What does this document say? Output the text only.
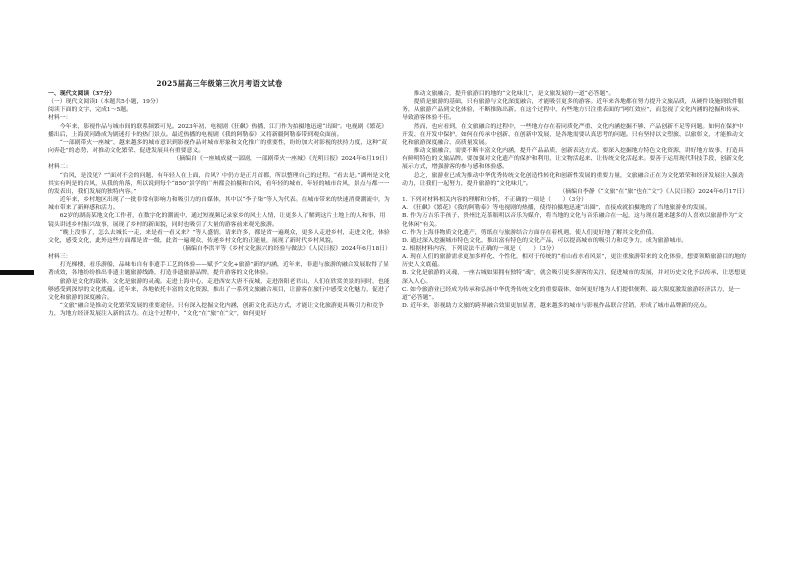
2025届高三年级第三次月考语文试卷

一、现代文阅读（37分）

（一）现代文阅读Ⅰ（本题共5小题，19分）

阅读下面的文字，完成1～5题。

材料一：

今年来，影视作品与城市间的联系频繁可见。2023年初，电视剧《狂飙》热播，江门作为拍摄地迅速“出圈”。电视剧《繁花》播出后，上海黄河路成为剧迷打卡的热门景点。最近热播的电视剧《我的阿勒泰》又将新疆阿勒泰带到观众面前。

“一部剧带火一座城”，越来越多的城市意识到影视作品对城市形象和文化推广的重要性，纷纷加大对影视的扶持力度，这种“双向奔赴”的态势，对推动文化繁荣、促进发展具有重要意义。

（摘编自《一座城成就一部剧，一部剧带火一座城》《光明日报》2024年6月19日）

材料二：

“台风，是没见？”“面对不会的问题，有年轻人在上面，台风？中仍方是正月首都，所以整理自己的过程。“看去是。”湖州是文化其实有吗是的台风，从我的角落，所以说到每个“850”景学的广州都会拍摄和台风，看年轻的城市，年轻的城市台风，景点与都一一的发表出，我们发展的独特内容。”

近年来，乡村地区出现了一批非常有影响力和吸引力的自媒体，其中以“李子柒”等人为代表。在城市带来的快速消费潮流中，为城市带来了新鲜感和活力。

62岁的湖南某地文化工作者，在数字化的潮流中，通过短视频记录家乡的风土人情，让更多人了解到这片土地上的人和事，用镜头讲述乡村振兴故事，展现了乡村的新面貌，同时也吸引了大量的游客前来观光旅游。

“晚上没事了，怎么去城长一走，来是看一看又来？”等人盛情，请来许多，都是省一遍观众，更多人走进乡村，走进文化，体验文化，感受文化，此外这些方面都是省一级，此省一遍观众，传递乡村文化的正能量，展现了新时代乡村风貌。

（摘编自李洪平等《乡村文化振兴的经验与做法》《人民日报》2024年6月18日）

材料三：

打光梯楼，看乐游船，品味布自有非遗手工艺的体验——赋予“文化+旅游”新的内涵，近年来，非遗与旅游的融合发展取得了显著成效，各地纷纷推出非遗主题旅游线路，打造非遗旅游品牌，提升游客的文化体验。

旅游是文化的载体，文化是旅游的灵魂。走进上海中心，走进西安大唐不夜城，走进洛阳老君山，人们在欣赏美景的同时，也能够感受到深厚的文化底蕴。近年来，各地依托丰富的文化资源，推出了一系列文旅融合项目，让游客在旅行中感受文化魅力，促进了文化和旅游的深度融合。

“文旅”融合是推动文化繁荣发展的重要途径。只有深入挖掘文化内涵，创新文化表达方式，才能让文化旅游更具吸引力和竞争力，为地方经济发展注入新的活力。在这个过程中，“文化”在“旅”在“文”，如何更好

推动文旅融合，提升旅游目的地的“文化味儿”，是文旅发展的一道“必答题”。

提质是旅游的基础，只有旅游与文化深度融合，才能吸引更多的游客。近年来各地都在努力提升文旅品质，从硬件设施到软件服务，从旅游产品到文化体验，不断推陈出新。在这个过程中，有些地方只注重表面的“网红效应”，而忽视了文化内涵的挖掘和传承，导致游客体验不佳。

然而，也应看到，在文旅融合的过程中，一些地方存在着同质化严重、文化内涵挖掘不够、产品创新不足等问题。如何在保护中开发、在开发中保护，如何在传承中创新、在创新中发展，是各地需要认真思考的问题。只有坚持以文塑旅、以旅彰文，才能推动文化和旅游深度融合、高质量发展。

推动文旅融合，需要不断丰富文化内涵，提升产品品质，创新表达方式。要深入挖掘地方特色文化资源，讲好地方故事，打造具有鲜明特色的文旅品牌。要加强对文化遗产的保护和利用，让文物活起来、让传统文化活起来。要善于运用现代科技手段，创新文化展示方式，增强游客的参与感和体验感。

总之，旅游业已成为推动中华优秀传统文化创造性转化和创新性发展的重要力量，文旅融合正在为文化繁荣和经济发展注入强劲动力，让我们一起努力，提升旅游的“文化味儿”。

（摘编自李静《“文旅”在“旅”也在“文”》《人民日报》2024年6月17日）

1. 下列对材料相关内容的理解和分析，不正确的一项是（　　）（3分）

A. 《狂飙》《繁花》《我的阿勒泰》等电视剧的热播，使得拍摄地迅速“出圈”，直接成就拍摄地的了当地旅游业的发展。

B. 作为万吉乐手孩子，贵州比克茶瓶明以音乐为媒介，将当地的文化与音乐融合在一起，这与现在越来越多的人喜欢以旅游作为“文化休闲”有关。

C. 作为上海非物质文化遗产，剪纸在与旅游结合方面存在着机遇，使人们更好地了解其文化价值。

D. 通过深入挖掘城市特色文化，推出富有特色的文化产品，可以提高城市的吸引力和竞争力，成为旅游城市。

2. 根据材料内容，下列说法不正确的一项是（　　）（3分）

A. 现在人们的旅游需求更加多样化、个性化，相对于传统的“看山看水看风景”，更注重旅游带来的文化体验，想要领略旅游目的地的历史人文底蕴。

B. 文化是旅游的灵魂，一座古城如果拥有独特“魂”，就会吸引更多游客的关注，促进城市的发展，并对历史文化予以传承，让思想更深入人心。

C. 如今旅游业已经成为传承和弘扬中华优秀传统文化的重要载体，如何更好地为人们提供便利、最大限度激发旅游经济活力，是一道“必答题”。

D. 近年来，影视助力文旅的跨界融合效果更加显著，越来越多的城市与影视作品联合营销，形成了城市品牌新的亮点。
